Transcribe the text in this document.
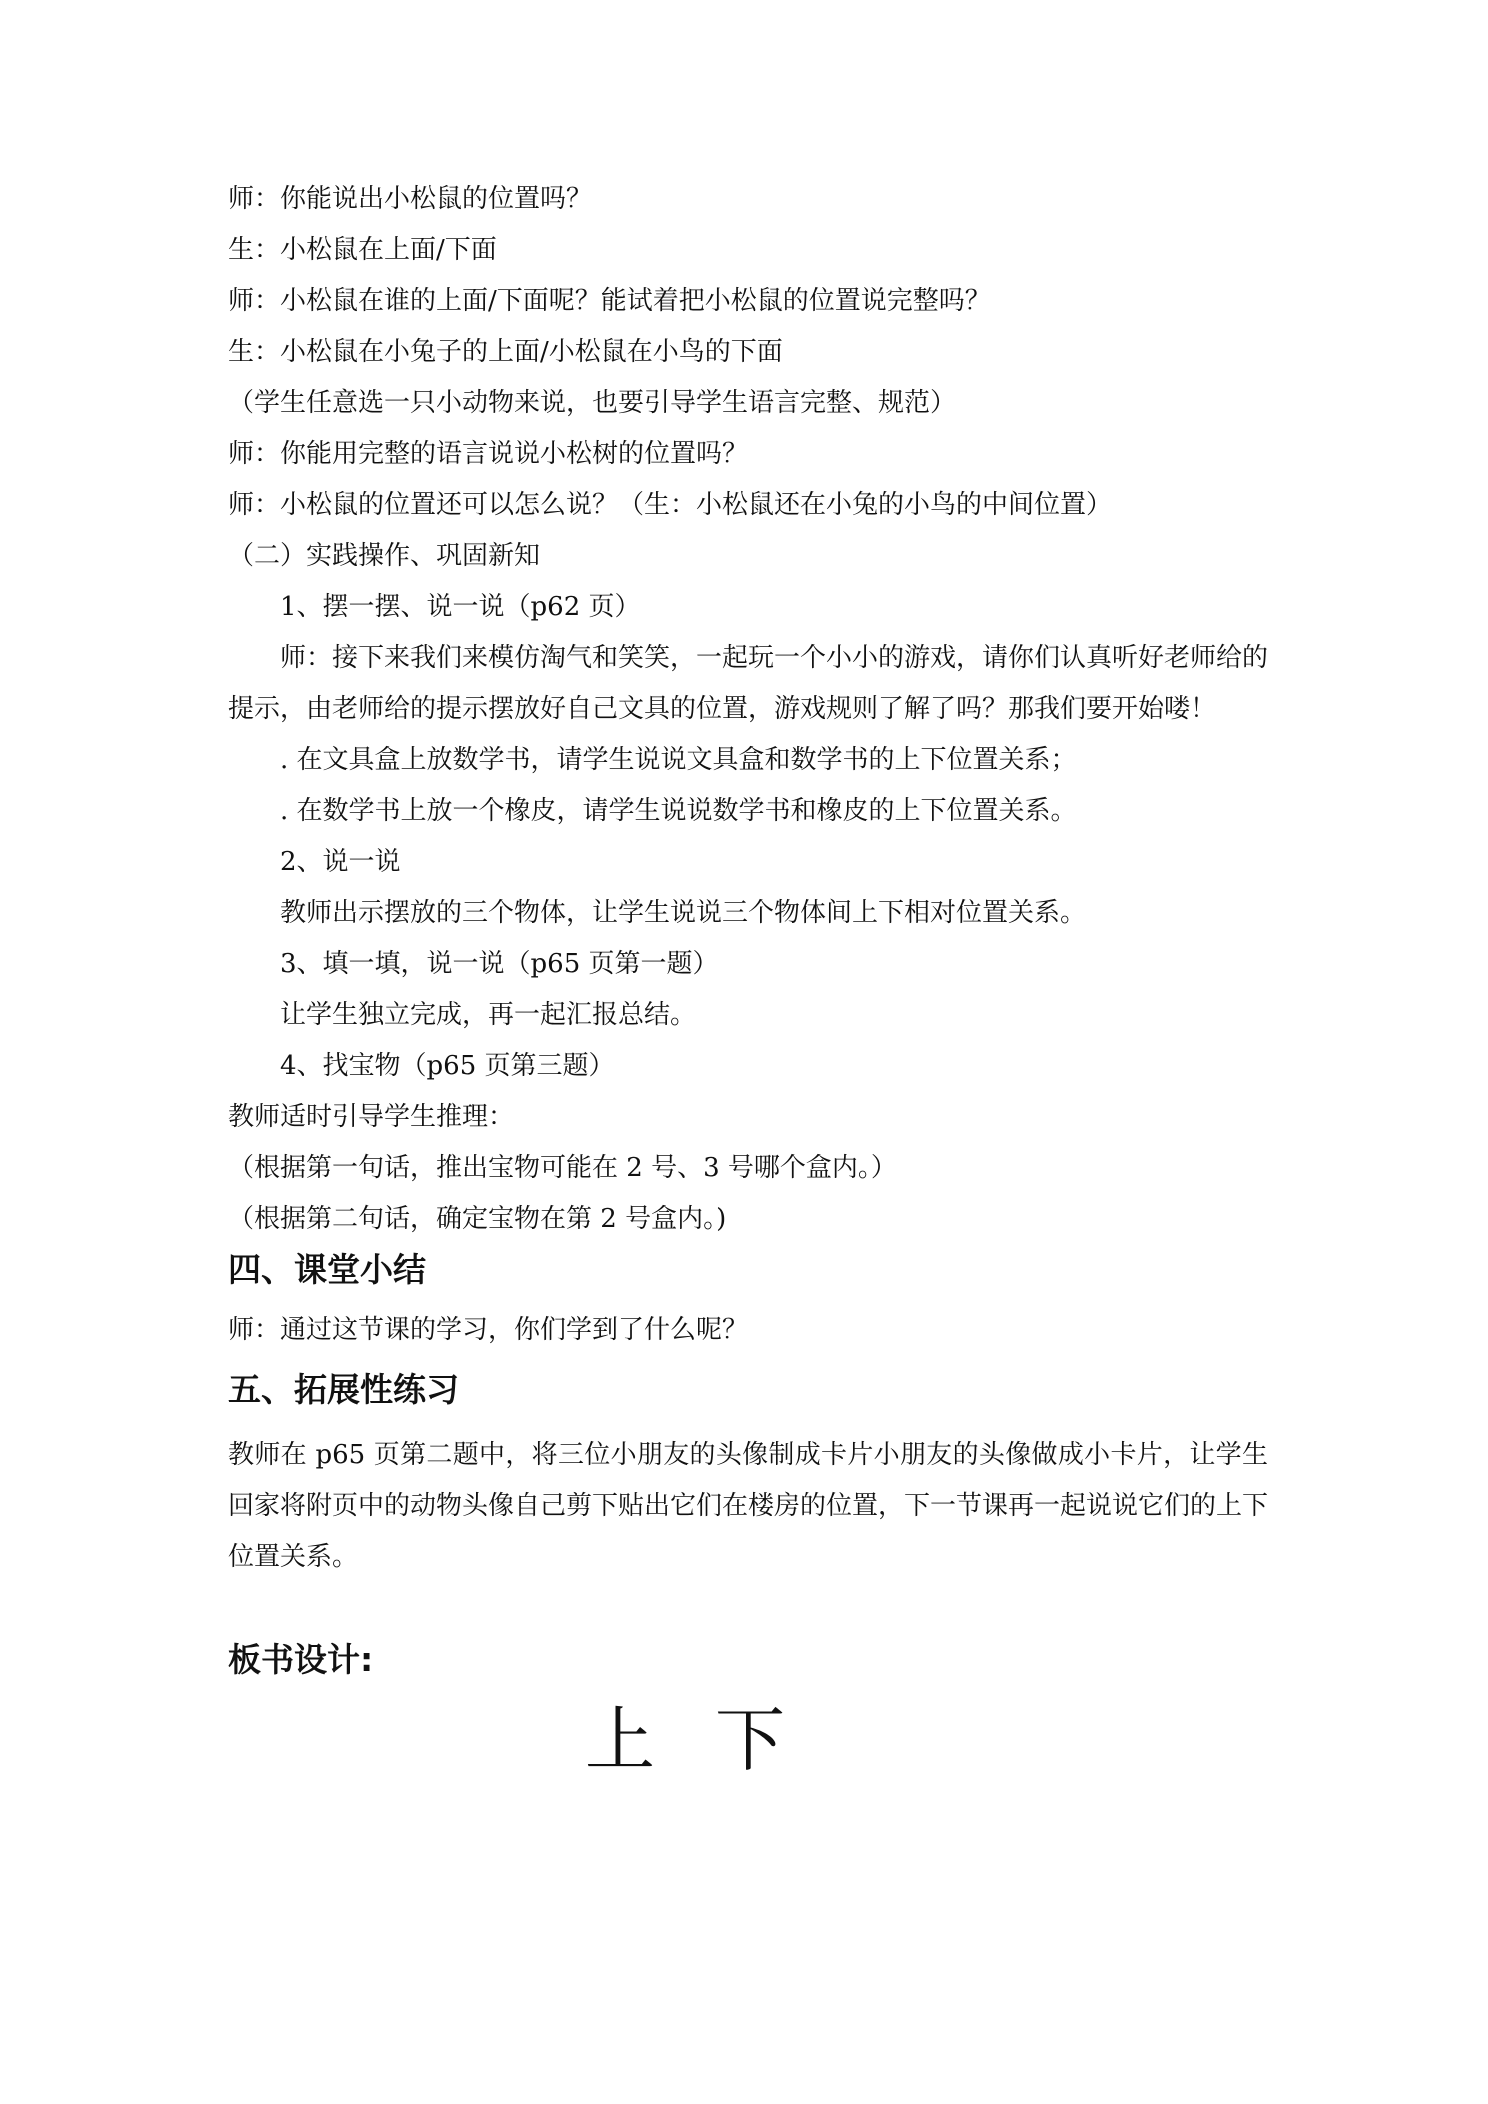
师：你能说出小松鼠的位置吗？
生：小松鼠在上面/下面
师：小松鼠在谁的上面/下面呢？能试着把小松鼠的位置说完整吗？
生：小松鼠在小兔子的上面/小松鼠在小鸟的下面
（学生任意选一只小动物来说，也要引导学生语言完整、规范）
师：你能用完整的语言说说小松树的位置吗？
师：小松鼠的位置还可以怎么说？（生：小松鼠还在小兔的小鸟的中间位置）
（二）实践操作、巩固新知
1、摆一摆、说一说（p62 页）
师：接下来我们来模仿淘气和笑笑，一起玩一个小小的游戏，请你们认真听好老师给的提示，由老师给的提示摆放好自己文具的位置，游戏规则了解了吗？那我们要开始喽！
. 在文具盒上放数学书，请学生说说文具盒和数学书的上下位置关系；
. 在数学书上放一个橡皮，请学生说说数学书和橡皮的上下位置关系。
2、说一说
教师出示摆放的三个物体，让学生说说三个物体间上下相对位置关系。
3、填一填，说一说（p65 页第一题）
让学生独立完成，再一起汇报总结。
4、找宝物（p65 页第三题）
教师适时引导学生推理：
（根据第一句话，推出宝物可能在 2 号、3 号哪个盒内。）
（根据第二句话，确定宝物在第 2 号盒内。)
四、课堂小结
师：通过这节课的学习，你们学到了什么呢？
五、拓展性练习
教师在 p65 页第二题中，将三位小朋友的头像制成卡片小朋友的头像做成小卡片，让学生回家将附页中的动物头像自己剪下贴出它们在楼房的位置，下一节课再一起说说它们的上下位置关系。
板书设计:
上 下
